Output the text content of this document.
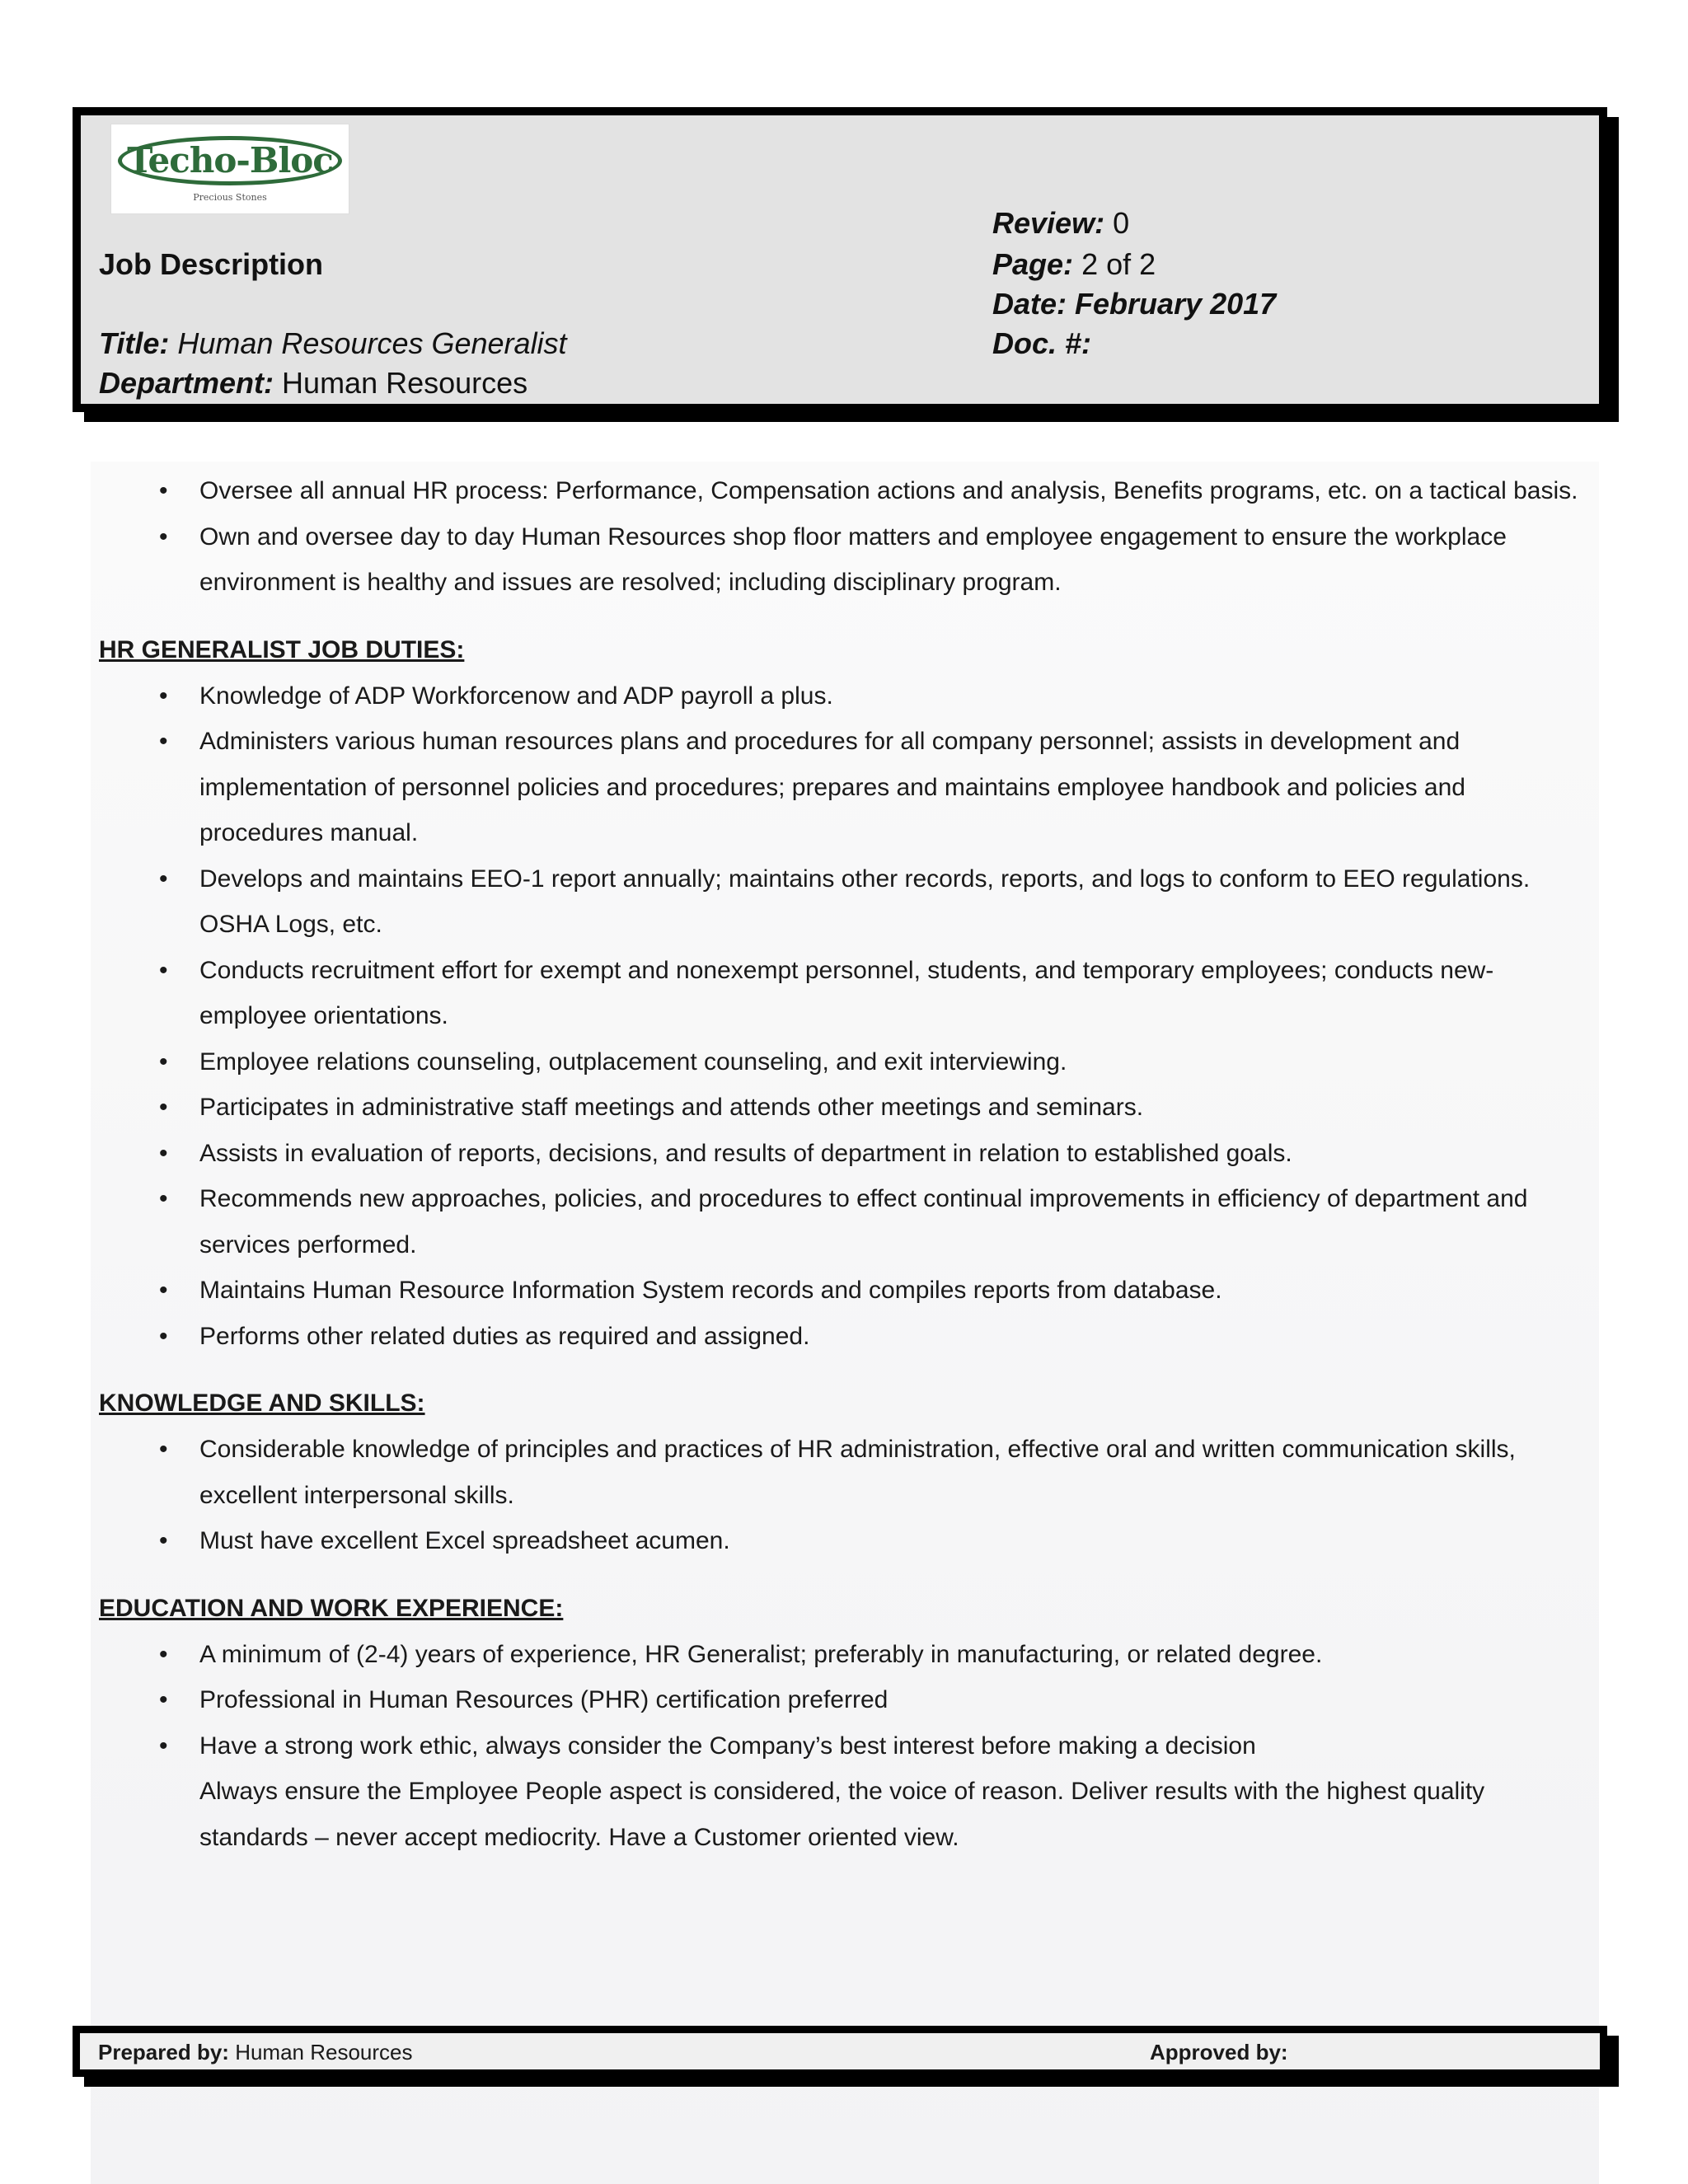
Techo-Bloc
Precious Stones
Job Description
Title: Human Resources Generalist
Department: Human Resources
Review: 0
Page: 2 of 2
Date: February 2017
Doc. #:
• Oversee all annual HR process: Performance, Compensation actions and analysis, Benefits programs, etc. on a tactical basis.
• Own and oversee day to day Human Resources shop floor matters and employee engagement to ensure the workplace environment is healthy and issues are resolved; including disciplinary program.
HR GENERALIST JOB DUTIES:
• Knowledge of ADP Workforcenow and ADP payroll a plus.
• Administers various human resources plans and procedures for all company personnel; assists in development and implementation of personnel policies and procedures; prepares and maintains employee handbook and policies and procedures manual.
• Develops and maintains EEO-1 report annually; maintains other records, reports, and logs to conform to EEO regulations. OSHA Logs, etc.
• Conducts recruitment effort for exempt and nonexempt personnel, students, and temporary employees; conducts new-employee orientations.
• Employee relations counseling, outplacement counseling, and exit interviewing.
• Participates in administrative staff meetings and attends other meetings and seminars.
• Assists in evaluation of reports, decisions, and results of department in relation to established goals.
• Recommends new approaches, policies, and procedures to effect continual improvements in efficiency of department and services performed.
• Maintains Human Resource Information System records and compiles reports from database.
• Performs other related duties as required and assigned.
KNOWLEDGE AND SKILLS:
• Considerable knowledge of principles and practices of HR administration, effective oral and written communication skills, excellent interpersonal skills.
• Must have excellent Excel spreadsheet acumen.
EDUCATION AND WORK EXPERIENCE:
• A minimum of (2-4) years of experience, HR Generalist; preferably in manufacturing, or related degree.
• Professional in Human Resources (PHR) certification preferred
• Have a strong work ethic, always consider the Company’s best interest before making a decision
Always ensure the Employee People aspect is considered, the voice of reason. Deliver results with the highest quality standards – never accept mediocrity. Have a Customer oriented view.
Prepared by: Human Resources	Approved by:
